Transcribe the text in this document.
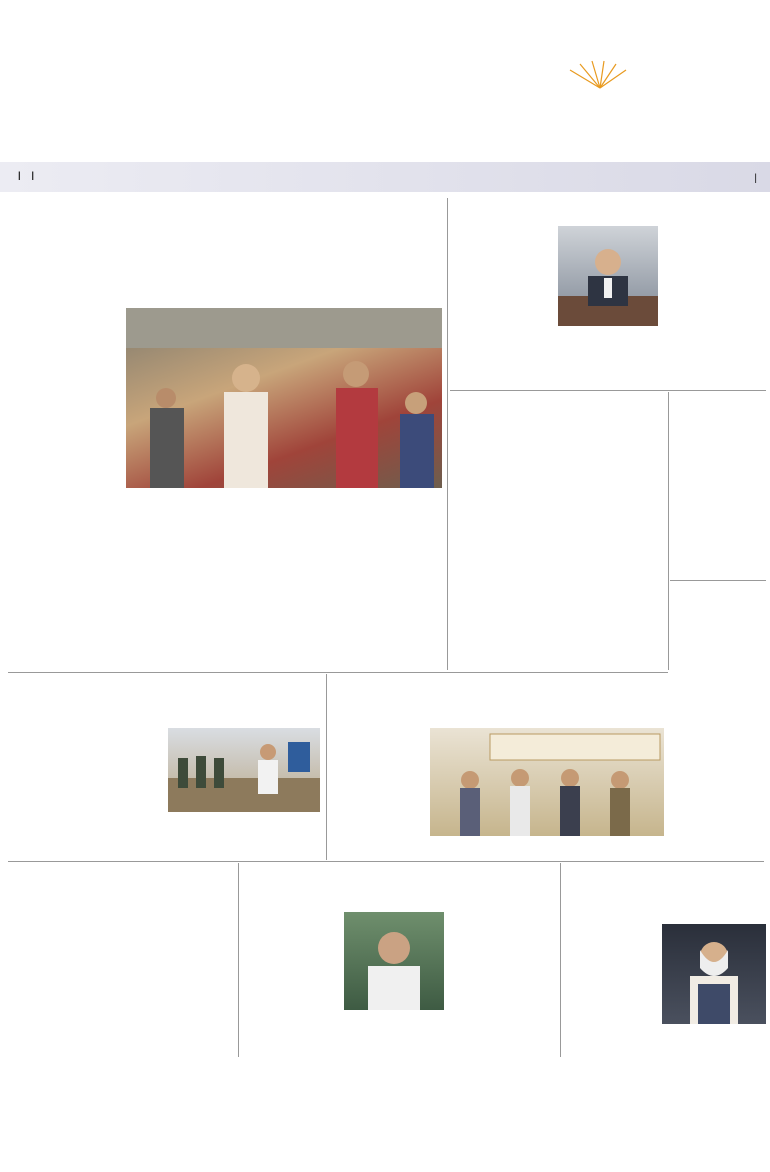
| |	|
